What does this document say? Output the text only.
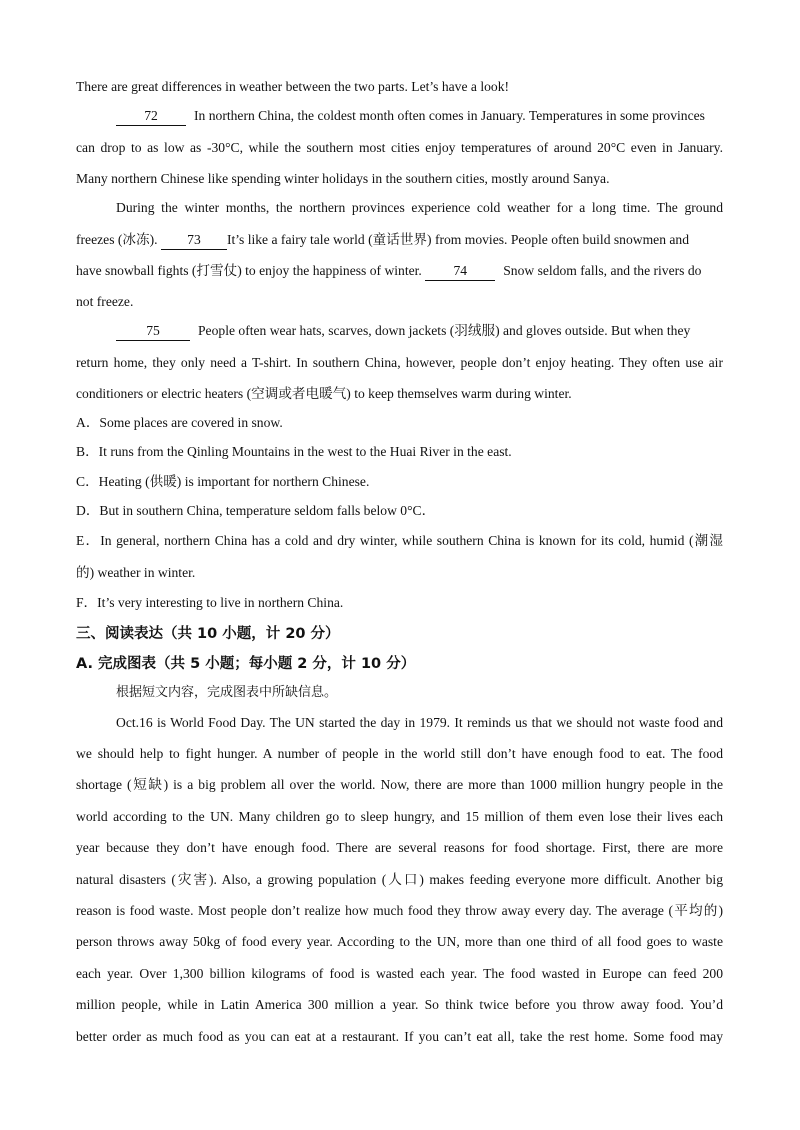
There are great differences in weather between the two parts. Let’s have a look!
72	In northern China, the coldest month often comes in January. Temperatures in some provinces
can drop to as low as -30°C, while the southern most cities enjoy temperatures of around 20°C even in January.
Many northern Chinese like spending winter holidays in the southern cities, mostly around Sanya.
During the winter months, the northern provinces experience cold weather for a long time. The ground
freezes (冰冻). 73 It’s like a fairy tale world (童话世界) from movies. People often build snowmen and
have snowball fights (打雪仗) to enjoy the happiness of winter. 74	Snow seldom falls, and the rivers do
not freeze.
75	People often wear hats, scarves, down jackets (羽绒服) and gloves outside. But when they
return home, they only need a T-shirt. In southern China, however, people don’t enjoy heating. They often use air
conditioners or electric heaters (空调或者电暖气) to keep themselves warm during winter.
A．Some places are covered in snow.
B．It runs from the Qinling Mountains in the west to the Huai River in the east.
C．Heating (供暖) is important for northern Chinese.
D．But in southern China, temperature seldom falls below 0°C．
E．In general, northern China has a cold and dry winter, while southern China is known for its cold, humid (潮湿
的) weather in winter.
F．It’s very interesting to live in northern China.
三、阅读表达（共 10 小题，计 20 分）
A. 完成图表（共 5 小题；每小题 2 分，计 10 分）
根据短文内容，完成图表中所缺信息。
Oct.16 is World Food Day. The UN started the day in 1979. It reminds us that we should not waste food and
we should help to fight hunger. A number of people in the world still don’t have enough food to eat. The food
shortage (短缺) is a big problem all over the world. Now, there are more than 1000 million hungry people in the
world according to the UN. Many children go to sleep hungry, and 15 million of them even lose their lives each
year because they don’t have enough food. There are several reasons for food shortage. First, there are more
natural disasters (灾害). Also, a growing population (人口) makes feeding everyone more difficult. Another big
reason is food waste. Most people don’t realize how much food they throw away every day. The average (平均的)
person throws away 50kg of food every year. According to the UN, more than one third of all food goes to waste
each year. Over 1,300 billion kilograms of food is wasted each year. The food wasted in Europe can feed 200
million people, while in Latin America 300 million a year. So think twice before you throw away food. You’d
better order as much food as you can eat at a restaurant. If you can’t eat all, take the rest home. Some food may
